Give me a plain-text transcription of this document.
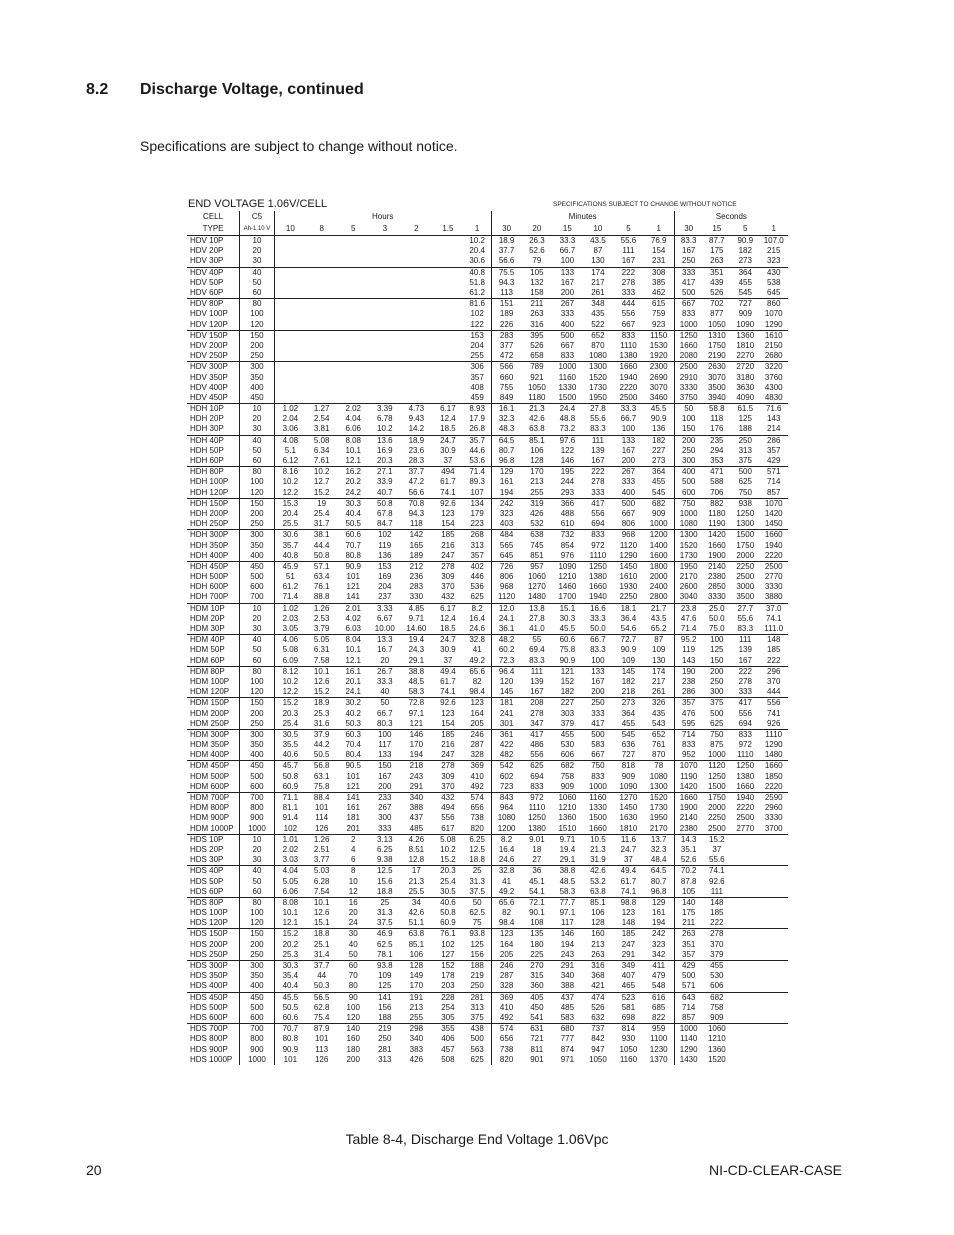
8.2 Discharge Voltage, continued
Specifications are subject to change without notice.
END VOLTAGE 1.06V/CELL	SPECIFICATIONS SUBJECT TO CHANGE WITHOUT NOTICE
CELL	C5	Hours							Minutes						Seconds			
TYPE	Ah-1.10 V	10	8	5	3	2	1.5	1	30	20	15	10	5	1	30	15	5	1
HDV 10P	10							10.2	18.9	26.3	33.3	43.5	55.6	76.9	83.3	87.7	90.9	107.0
HDV 20P	20							20.4	37.7	52.6	66.7	87	111	154	167	175	182	215
HDV 30P	30							30.6	56.6	79	100	130	167	231	250	263	273	323
HDV 40P	40							40.8	75.5	105	133	174	222	308	333	351	364	430
HDV 50P	50							51.8	94.3	132	167	217	278	385	417	439	455	538
HDV 60P	60							61.2	113	158	200	261	333	462	500	526	545	645
HDV 80P	80							81.6	151	211	267	348	444	615	667	702	727	860
HDV 100P	100							102	189	263	333	435	556	759	833	877	909	1070
HDV 120P	120							122	226	316	400	522	667	923	1000	1050	1090	1290
HDV 150P	150							153	283	395	500	652	833	1150	1250	1310	1360	1610
HDV 200P	200							204	377	526	667	870	1110	1530	1660	1750	1810	2150
HDV 250P	250							255	472	658	833	1080	1380	1920	2080	2190	2270	2680
HDV 300P	300							306	566	789	1000	1300	1660	2300	2500	2630	2720	3220
HDV 350P	350							357	660	921	1160	1520	1940	2690	2910	3070	3180	3760
HDV 400P	400							408	755	1050	1330	1730	2220	3070	3330	3500	3630	4300
HDV 450P	450							459	849	1180	1500	1950	2500	3460	3750	3940	4090	4830
HDH 10P	10	1.02	1.27	2.02	3.39	4.73	6.17	8.93	16.1	21.3	24.4	27.8	33.3	45.5	50	58.8	61.5	71.6
HDH 20P	20	2.04	2.54	4.04	6.78	9.43	12.4	17.9	32.3	42.6	48.8	55.6	66.7	90.9	100	118	125	143
HDH 30P	30	3.06	3.81	6.06	10.2	14.2	18.5	26.8	48.3	63.8	73.2	83.3	100	136	150	176	188	214
HDH 40P	40	4.08	5.08	8.08	13.6	18.9	24.7	35.7	64.5	85.1	97.6	111	133	182	200	235	250	286
HDH 50P	50	5.1	6.34	10.1	16.9	23.6	30.9	44.6	80.7	106	122	139	167	227	250	294	313	357
HDH 60P	60	6.12	7.61	12.1	20.3	28.3	37	53.6	96.8	128	146	167	200	273	300	353	375	429
HDH 80P	80	8.16	10.2	16.2	27.1	37.7	494	71.4	129	170	195	222	267	364	400	471	500	571
HDH 100P	100	10.2	12.7	20.2	33.9	47.2	61.7	89.3	161	213	244	278	333	455	500	588	625	714
HDH 120P	120	12.2	15.2	24.2	40.7	56.6	74.1	107	194	255	293	333	400	545	600	706	750	857
HDH 150P	150	15.3	19	30.3	50.8	70.8	92.6	134	242	319	366	417	500	682	750	882	938	1070
HDH 200P	200	20.4	25.4	40.4	67.8	94.3	123	179	323	426	488	556	667	909	1000	1180	1250	1420
HDH 250P	250	25.5	31.7	50.5	84.7	118	154	223	403	532	610	694	806	1000	1080	1190	1300	1450
HDH 300P	300	30.6	38.1	60.6	102	142	185	268	484	638	732	833	968	1200	1300	1420	1500	1660
HDH 350P	350	35.7	44.4	70.7	119	165	216	313	565	745	854	972	1120	1400	1520	1660	1750	1940
HDH 400P	400	40.8	50.8	80.8	136	189	247	357	645	851	976	1110	1290	1600	1730	1900	2000	2220
HDH 450P	450	45.9	57.1	90.9	153	212	278	402	726	957	1090	1250	1450	1800	1950	2140	2250	2500
HDH 500P	500	51	63.4	101	169	236	309	446	806	1060	1210	1380	1610	2000	2170	2380	2500	2770
HDH 600P	600	61.2	76.1	121	204	283	370	536	968	1270	1460	1660	1930	2400	2600	2850	3000	3330
HDH 700P	700	71.4	88.8	141	237	330	432	625	1120	1480	1700	1940	2250	2800	3040	3330	3500	3880
HDM 10P	10	1.02	1.26	2.01	3.33	4.85	6.17	8.2	12.0	13.8	15.1	16.6	18.1	21.7	23.8	25.0	27.7	37.0
HDM 20P	20	2.03	2.53	4.02	6.67	9.71	12.4	16.4	24.1	27.8	30.3	33.3	36.4	43.5	47.6	50.0	55.6	74.1
HDM 30P	30	3.05	3.79	6.03	10.00	14.60	18.5	24.6	36.1	41.0	45.5	50.0	54.6	65.2	71.4	75.0	83.3	111.0
HDM 40P	40	4.06	5.05	8.04	13.3	19.4	24.7	32.8	48.2	55	60.6	66.7	72.7	87	95.2	100	111	148
HDM 50P	50	5.08	6.31	10.1	16.7	24.3	30.9	41	60.2	69.4	75.8	83.3	90.9	109	119	125	139	185
HDM 60P	60	6.09	7.58	12.1	20	29.1	37	49.2	72.3	83.3	90.9	100	109	130	143	150	167	222
HDM 80P	80	8.12	10.1	16.1	26.7	38.8	49.4	65.6	96.4	111	121	133	145	174	190	200	222	296
HDM 100P	100	10.2	12.6	20.1	33.3	48.5	61.7	82	120	139	152	167	182	217	238	250	278	370
HDM 120P	120	12.2	15.2	24.1	40	58.3	74.1	98.4	145	167	182	200	218	261	286	300	333	444
HDM 150P	150	15.2	18.9	30.2	50	72.8	92.6	123	181	208	227	250	273	326	357	375	417	556
HDM 200P	200	20.3	25.3	40.2	66.7	97.1	123	164	241	278	303	333	364	435	476	500	556	741
HDM 250P	250	25.4	31.6	50.3	80.3	121	154	205	301	347	379	417	455	543	595	625	694	926
HDM 300P	300	30.5	37.9	60.3	100	146	185	246	361	417	455	500	545	652	714	750	833	1110
HDM 350P	350	35.5	44.2	70.4	117	170	216	287	422	486	530	583	636	761	833	875	972	1290
HDM 400P	400	40.6	50.5	80.4	133	194	247	328	482	556	606	667	727	870	952	1000	1110	1480
HDM 450P	450	45.7	56.8	90.5	150	218	278	369	542	625	682	750	818	78	1070	1120	1250	1660
HDM 500P	500	50.8	63.1	101	167	243	309	410	602	694	758	833	909	1080	1190	1250	1380	1850
HDM 600P	600	60.9	75.8	121	200	291	370	492	723	833	909	1000	1090	1300	1420	1500	1660	2220
HDM 700P	700	71.1	88.4	141	233	340	432	574	843	972	1060	1160	1270	1520	1660	1750	1940	2590
HDM 800P	800	81.1	101	161	267	388	494	656	964	1110	1210	1330	1450	1730	1900	2000	2220	2960
HDM 900P	900	91.4	114	181	300	437	556	738	1080	1250	1360	1500	1630	1950	2140	2250	2500	3330
HDM 1000P	1000	102	126	201	333	485	617	820	1200	1380	1510	1660	1810	2170	2380	2500	2770	3700
HDS 10P	10	1.01	1.26	2	3.13	4.26	5.08	6.25	8.2	9.01	9.71	10.5	11.6	13.7	14.3	15.2		
HDS 20P	20	2.02	2.51	4	6.25	8.51	10.2	12.5	16.4	18	19.4	21.3	24.7	32.3	35.1	37		
HDS 30P	30	3.03	3.77	6	9.38	12.8	15.2	18.8	24.6	27	29.1	31.9	37	48.4	52.6	55.6		
HDS 40P	40	4.04	5.03	8	12.5	17	20.3	25	32.8	36	38.8	42.6	49.4	64.5	70.2	74.1		
HDS 50P	50	5.05	6.28	10	15.6	21.3	25.4	31.3	41	45.1	48.5	53.2	61.7	80.7	87.8	92.6		
HDS 60P	60	6.06	7.54	12	18.8	25.5	30.5	37.5	49.2	54.1	58.3	63.8	74.1	96.8	105	111		
HDS 80P	80	8.08	10.1	16	25	34	40.6	50	65.6	72.1	77.7	85.1	98.8	129	140	148		
HDS 100P	100	10.1	12.6	20	31.3	42.6	50.8	62.5	82	90.1	97.1	106	123	161	175	185		
HDS 120P	120	12.1	15.1	24	37.5	51.1	60.9	75	98.4	108	117	128	148	194	211	222		
HDS 150P	150	15.2	18.8	30	46.9	63.8	76.1	93.8	123	135	146	160	185	242	263	278		
HDS 200P	200	20.2	25.1	40	62.5	85.1	102	125	164	180	194	213	247	323	351	370		
HDS 250P	250	25.3	31.4	50	78.1	106	127	156	205	225	243	263	291	342	357	379		
HDS 300P	300	30.3	37.7	60	93.8	128	152	188	246	270	291	316	349	411	429	455		
HDS 350P	350	35.4	44	70	109	149	178	219	287	315	340	368	407	479	500	530		
HDS 400P	400	40.4	50.3	80	125	170	203	250	328	360	388	421	465	548	571	606		
HDS 450P	450	45.5	56.5	90	141	191	228	281	369	405	437	474	523	616	643	682		
HDS 500P	500	50.5	62.8	100	156	213	254	313	410	450	485	526	581	685	714	758		
HDS 600P	600	60.6	75.4	120	188	255	305	375	492	541	583	632	698	822	857	909		
HDS 700P	700	70.7	87.9	140	219	298	355	438	574	631	680	737	814	959	1000	1060		
HDS 800P	800	80.8	101	160	250	340	406	500	656	721	777	842	930	1100	1140	1210		
HDS 900P	900	90.9	113	180	281	383	457	563	738	811	874	947	1050	1230	1290	1360		
HDS 1000P	1000	101	126	200	313	426	508	625	820	901	971	1050	1160	1370	1430	1520		
Table 8-4, Discharge End Voltage 1.06Vpc
20	NI-CD-CLEAR-CASE
